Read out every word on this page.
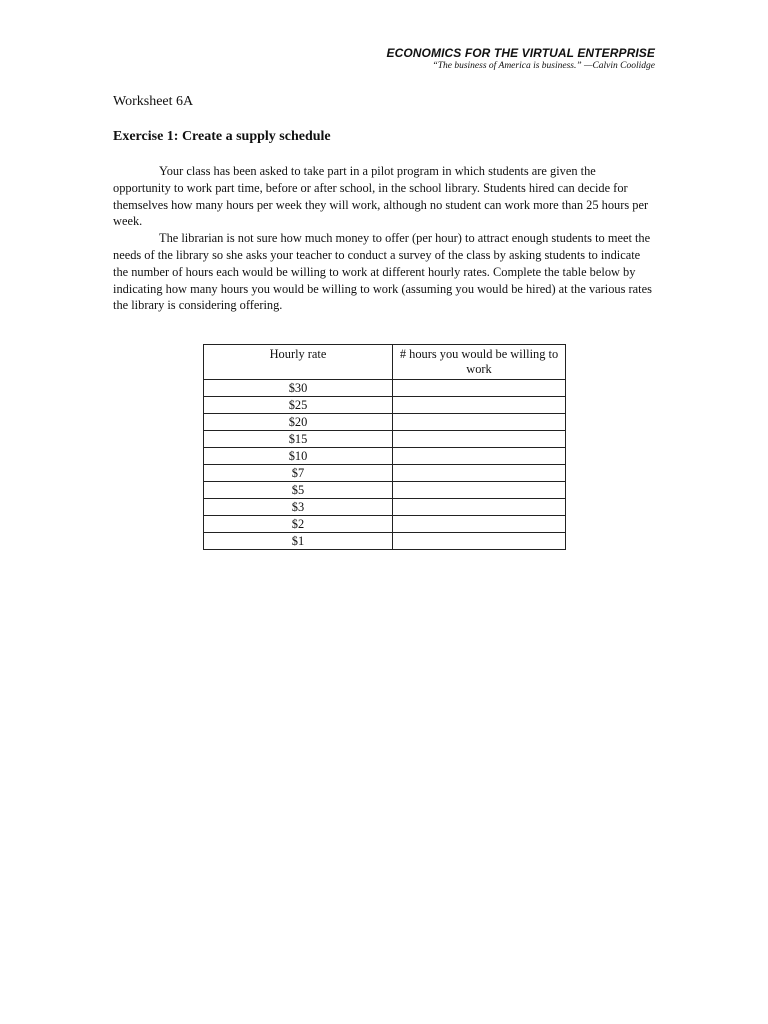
ECONOMICS FOR THE VIRTUAL ENTERPRISE
“The business of America is business.” —Calvin Coolidge
Worksheet 6A
Exercise 1: Create a supply schedule

Your class has been asked to take part in a pilot program in which students are given the opportunity to work part time, before or after school, in the school library. Students hired can decide for themselves how many hours per week they will work, although no student can work more than 25 hours per week.

The librarian is not sure how much money to offer (per hour) to attract enough students to meet the needs of the library so she asks your teacher to conduct a survey of the class by asking students to indicate the number of hours each would be willing to work at different hourly rates. Complete the table below by indicating how many hours you would be willing to work (assuming you would be hired) at the various rates the library is considering offering.

Hourly rate	# hours you would be willing to work
$30	
$25	
$20	
$15	
$10	
$7	
$5	
$3	
$2	
$1	
